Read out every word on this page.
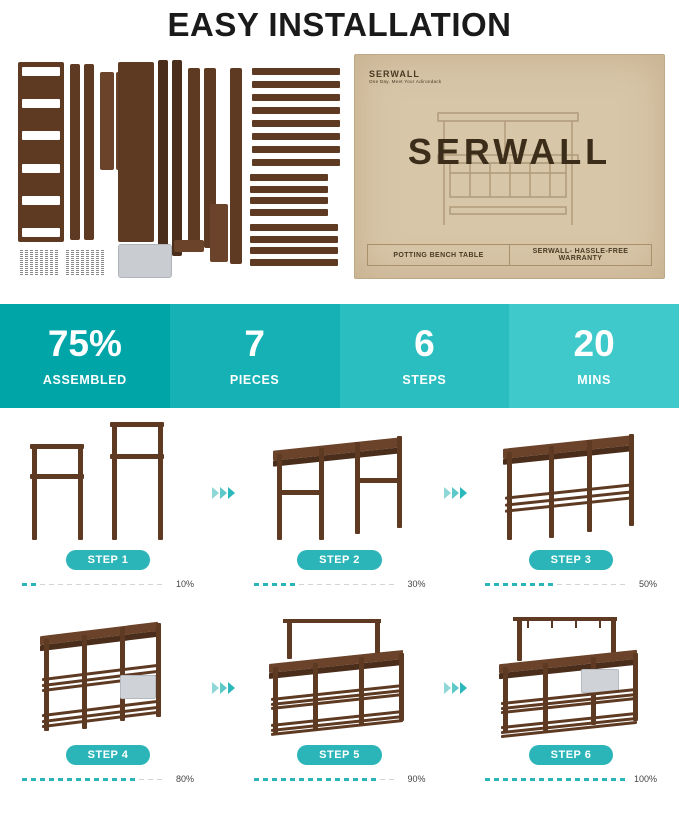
EASY INSTALLATION
SERWALL
One Day. Meet Your Adirondack
SERWALL
POTTING BENCH TABLE	SERWALL- HASSLE-FREE WARRANTY
75%
ASSEMBLED
7
PIECES
6
STEPS
20
MINS
STEP 1
10%
STEP 2
30%
STEP 3
50%
STEP 4
80%
STEP 5
90%
STEP 6
100%
